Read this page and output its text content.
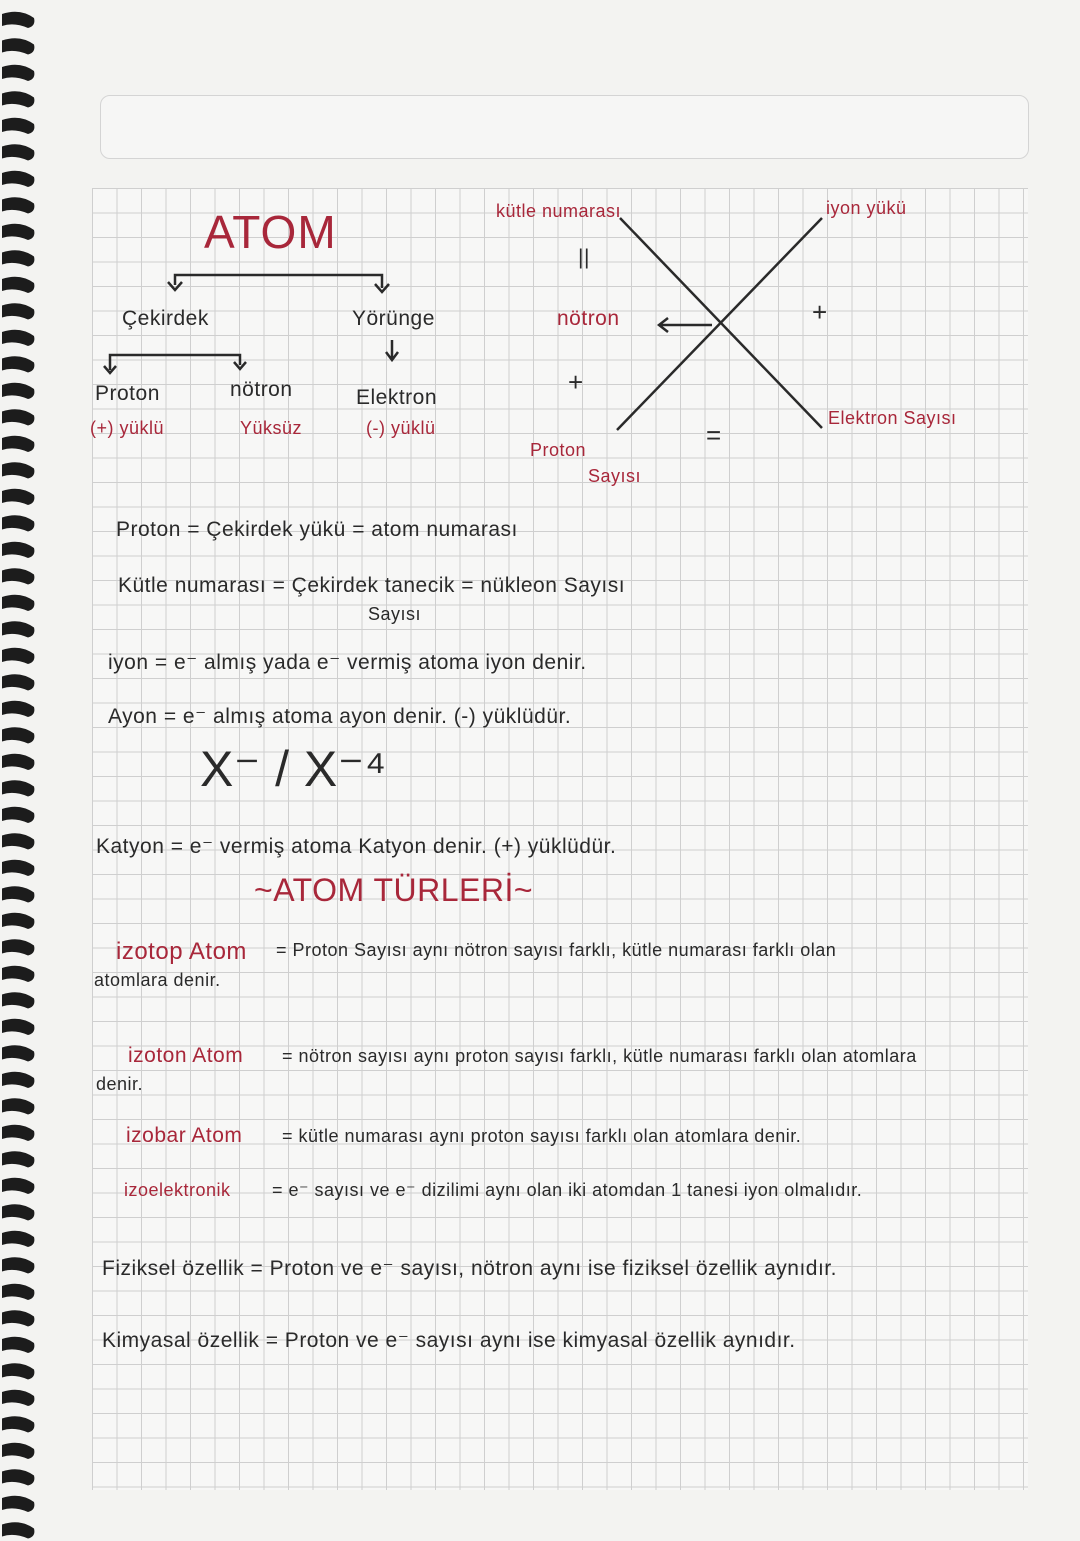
ATOM
Çekirdek	Yörünge
Proton
(+) yüklü
nötron
Yüksüz
Elektron
(-) yüklü
kütle numarası
||
nötron
+
Proton
Sayısı
iyon yükü
+
Elektron Sayısı
=
Proton = Çekirdek yükü = atom numarası
Kütle numarası = Çekirdek tanecik = nükleon Sayısı
Sayısı
iyon = e⁻ almış yada e⁻ vermiş atoma iyon denir.
Ayon = e⁻ almış atoma ayon denir. (-) yüklüdür.
X⁻ / X⁻⁴
Katyon = e⁻ vermiş atoma Katyon denir. (+) yüklüdür.
~ATOM TÜRLERİ~
izotop Atom = Proton Sayısı aynı nötron sayısı farklı, kütle numarası farklı olan
atomlara denir.
izoton Atom = nötron sayısı aynı proton sayısı farklı, kütle numarası farklı olan atomlara
denir.
izobar Atom = kütle numarası aynı proton sayısı farklı olan atomlara denir.
izoelektronik = e⁻ sayısı ve e⁻ dizilimi aynı olan iki atomdan 1 tanesi iyon olmalıdır.
Fiziksel özellik = Proton ve e⁻ sayısı, nötron aynı ise fiziksel özellik aynıdır.
Kimyasal özellik = Proton ve e⁻ sayısı aynı ise kimyasal özellik aynıdır.
